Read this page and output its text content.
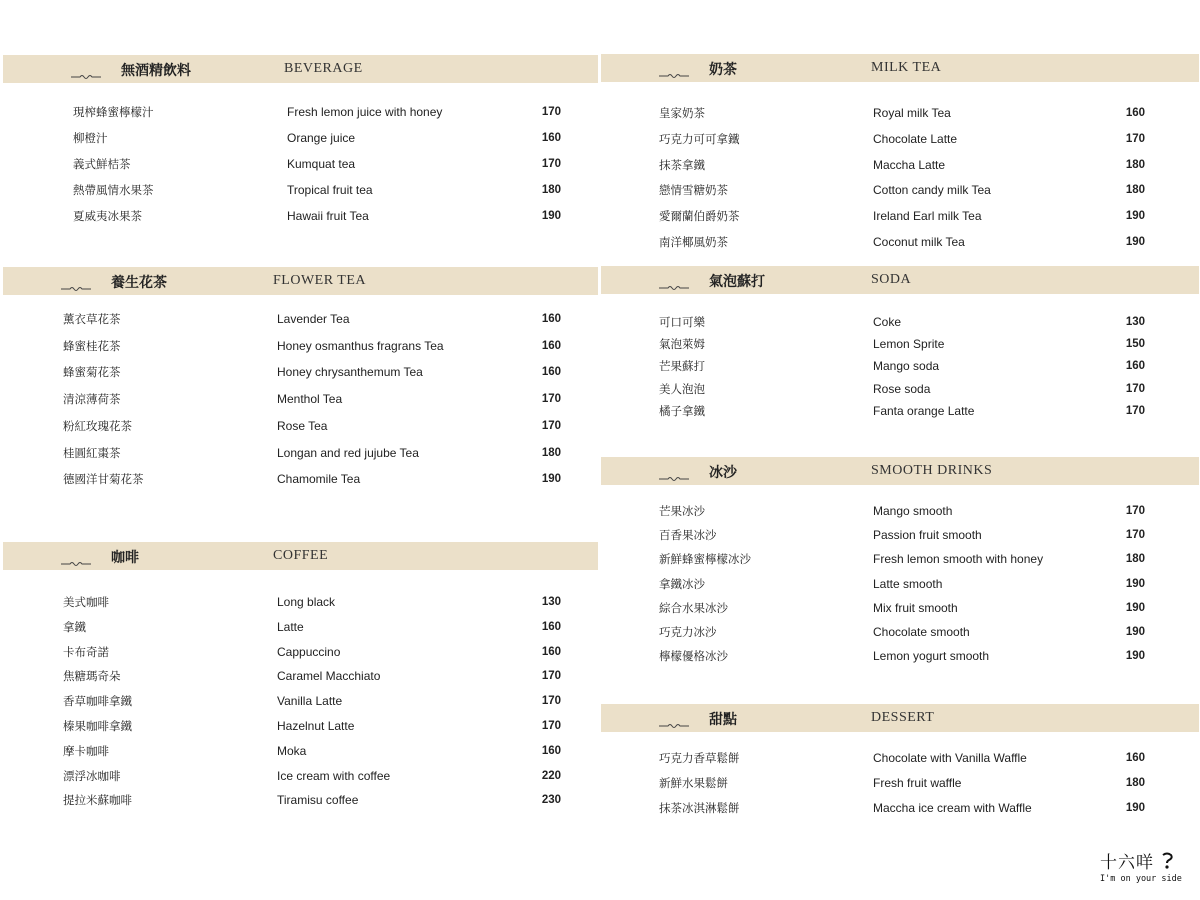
無酒精飲料	BEVERAGE
現榨蜂蜜檸檬汁	Fresh lemon juice with honey	170
柳橙汁	Orange juice	160
義式鮮桔茶	Kumquat tea	170
熱帶風情水果茶	Tropical fruit tea	180
夏威夷冰果茶	Hawaii fruit Tea	190
養生花茶	FLOWER TEA
薰衣草花茶	Lavender Tea	160
蜂蜜桂花茶	Honey osmanthus fragrans Tea	160
蜂蜜菊花茶	Honey chrysanthemum Tea	160
清涼薄荷茶	Menthol Tea	170
粉紅玫瑰花茶	Rose Tea	170
桂圓紅棗茶	Longan and red jujube Tea	180
德國洋甘菊花茶	Chamomile Tea	190
咖啡	COFFEE
美式咖啡	Long black	130
拿鐵	Latte	160
卡布奇諾	Cappuccino	160
焦糖瑪奇朵	Caramel Macchiato	170
香草咖啡拿鐵	Vanilla Latte	170
榛果咖啡拿鐵	Hazelnut Latte	170
摩卡咖啡	Moka	160
漂浮冰咖啡	Ice cream with coffee	220
提拉米蘇咖啡	Tiramisu coffee	230
奶茶	MILK TEA
皇家奶茶	Royal milk Tea	160
巧克力可可拿鐵	Chocolate Latte	170
抹茶拿鐵	Maccha Latte	180
戀情雪糖奶茶	Cotton candy milk Tea	180
愛爾蘭伯爵奶茶	Ireland Earl milk Tea	190
南洋椰風奶茶	Coconut milk Tea	190
氣泡蘇打	SODA
可口可樂	Coke	130
氣泡萊姆	Lemon Sprite	150
芒果蘇打	Mango soda	160
美人泡泡	Rose soda	170
橘子拿鐵	Fanta orange Latte	170
冰沙	SMOOTH DRINKS
芒果冰沙	Mango smooth	170
百香果冰沙	Passion fruit smooth	170
新鮮蜂蜜檸檬冰沙	Fresh lemon smooth with honey	180
拿鐵冰沙	Latte smooth	190
綜合水果冰沙	Mix fruit smooth	190
巧克力冰沙	Chocolate smooth	190
檸檬優格冰沙	Lemon yogurt smooth	190
甜點	DESSERT
巧克力香草鬆餅	Chocolate with Vanilla Waffle	160
新鮮水果鬆餅	Fresh fruit waffle	180
抹茶冰淇淋鬆餅	Maccha ice cream with Waffle	190
十六咩
I'm on your side
